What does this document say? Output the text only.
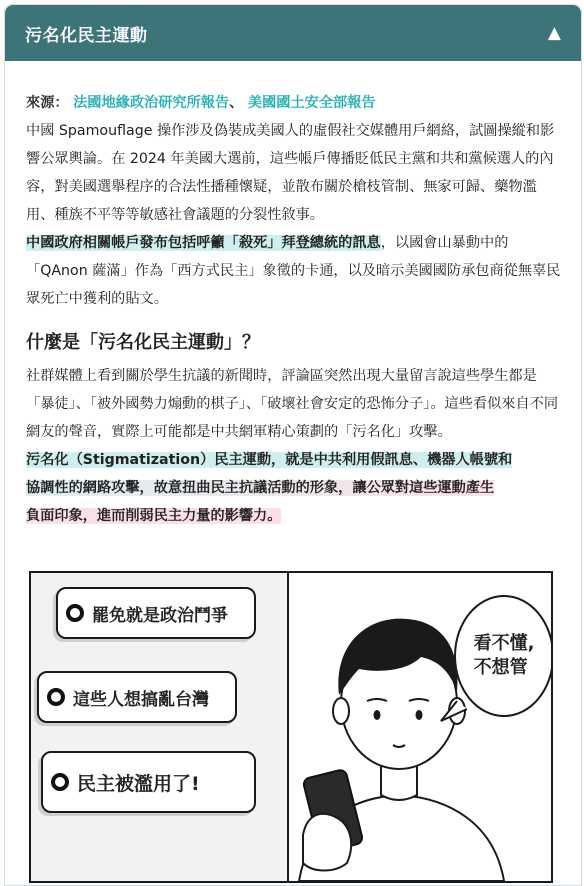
污名化民主運動	▲

來源： 法國地緣政治研究所報告、 美國國土安全部報告

中國 Spamouflage 操作涉及偽裝成美國人的虛假社交媒體用戶網絡，試圖操縱和影響公眾輿論。在 2024 年美國大選前，這些帳戶傳播貶低民主黨和共和黨候選人的內容，對美國選舉程序的合法性播種懷疑，並散布關於槍枝管制、無家可歸、藥物濫用、種族不平等等敏感社會議題的分裂性敘事。
中國政府相關帳戶發布包括呼籲「殺死」拜登總統的訊息，以國會山暴動中的「QAnon 薩滿」作為「西方式民主」象徵的卡通，以及暗示美國國防承包商從無辜民眾死亡中獲利的貼文。

什麼是「污名化民主運動」？

社群媒體上看到關於學生抗議的新聞時，評論區突然出現大量留言說這些學生都是「暴徒」、「被外國勢力煽動的棋子」、「破壞社會安定的恐怖分子」。這些看似來自不同網友的聲音，實際上可能都是中共網軍精心策劃的「污名化」攻擊。
污名化（Stigmatization）民主運動，就是中共利用假訊息、機器人帳號和
協調性的網路攻擊，故意扭曲民主抗議活動的形象，讓公眾對這些運動產生
負面印象，進而削弱民主力量的影響力。

罷免就是政治鬥爭
這些人想搞亂台灣
民主被濫用了!
看不懂,
不想管
